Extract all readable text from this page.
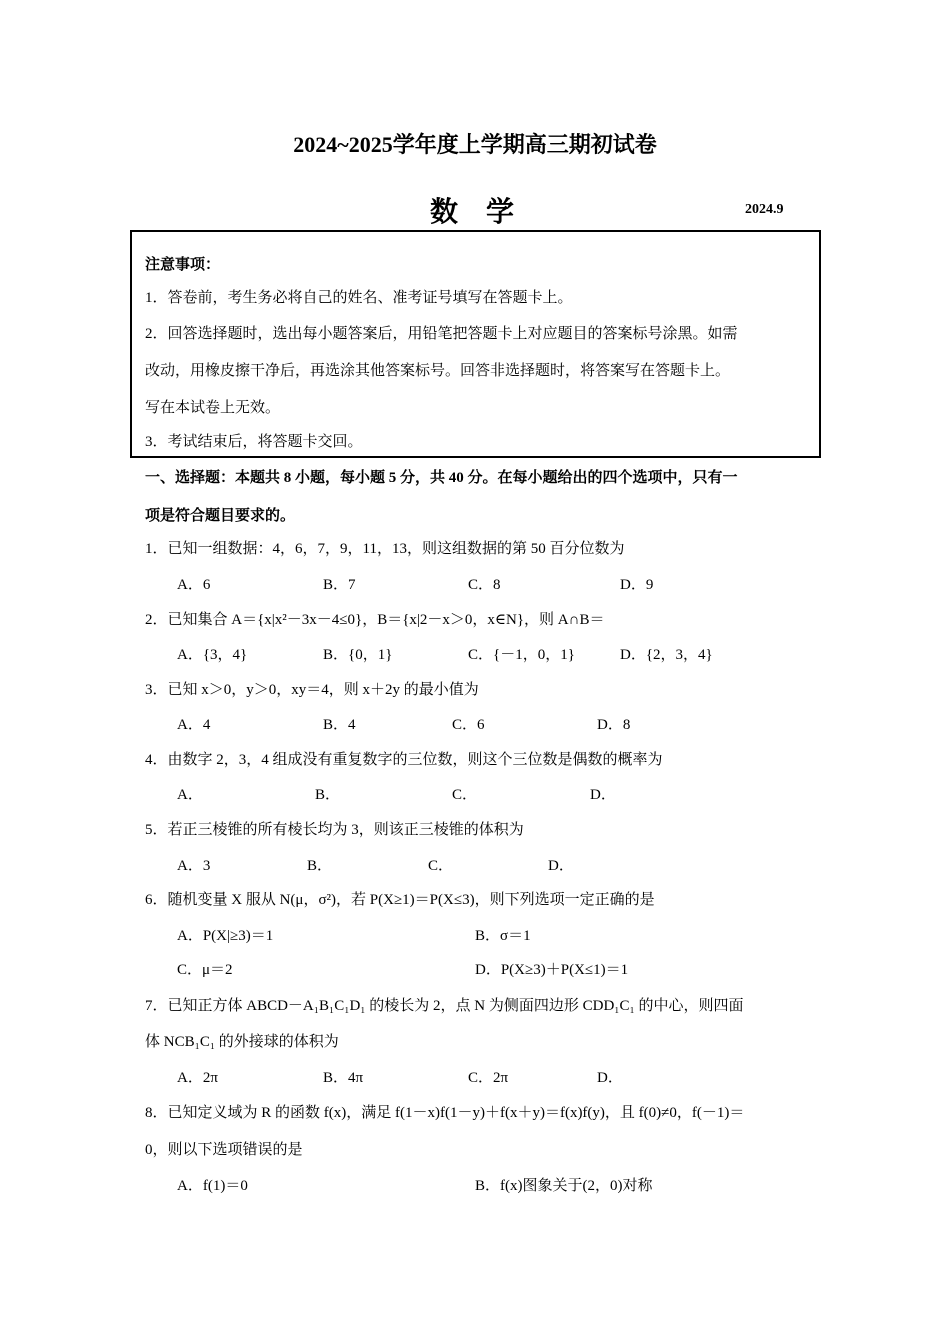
2024~2025学年度上学期高三期初试卷
数学	2024.9
注意事项：
1．答卷前，考生务必将自己的姓名、准考证号填写在答题卡上。
2．回答选择题时，选出每小题答案后，用铅笔把答题卡上对应题目的答案标号涂黑。如需
改动，用橡皮擦干净后，再选涂其他答案标号。回答非选择题时，将答案写在答题卡上。
写在本试卷上无效。
3．考试结束后，将答题卡交回。
一、选择题：本题共 8 小题，每小题 5 分，共 40 分。在每小题给出的四个选项中，只有一
项是符合题目要求的。
1．已知一组数据：4，6，7，9，11，13，则这组数据的第 50 百分位数为
A．6	B．7	C．8	D．9
2．已知集合 A＝{x|x²－3x－4≤0}，B＝{x|2－x＞0，x∈N}，则 A∩B＝
A．{3，4}	B．{0，1}	C．{－1，0，1}	D．{2，3，4}
3．已知 x＞0，y＞0，xy＝4，则 x＋2y 的最小值为
A．4	B．4	C．6	D．8
4．由数字 2，3，4 组成没有重复数字的三位数，则这个三位数是偶数的概率为
A．	B．	C．	D．
5．若正三棱锥的所有棱长均为 3，则该正三棱锥的体积为
A．3	B．	C．	D．
6．随机变量 X 服从 N(μ，σ²)，若 P(X≥1)＝P(X≤3)，则下列选项一定正确的是
A．P(X|≥3)＝1	B．σ＝1
C．μ＝2	D．P(X≥3)＋P(X≤1)＝1
7．已知正方体 ABCD－A₁B₁C₁D₁ 的棱长为 2，点 N 为侧面四边形 CDD₁C₁ 的中心，则四面
体 NCB₁C₁ 的外接球的体积为
A．2π	B．4π	C．2π	D．
8．已知定义域为 R 的函数 f(x)，满足 f(1－x)f(1－y)＋f(x＋y)＝f(x)f(y)，且 f(0)≠0，f(－1)＝
0，则以下选项错误的是
A．f(1)＝0	B．f(x)图象关于(2，0)对称
